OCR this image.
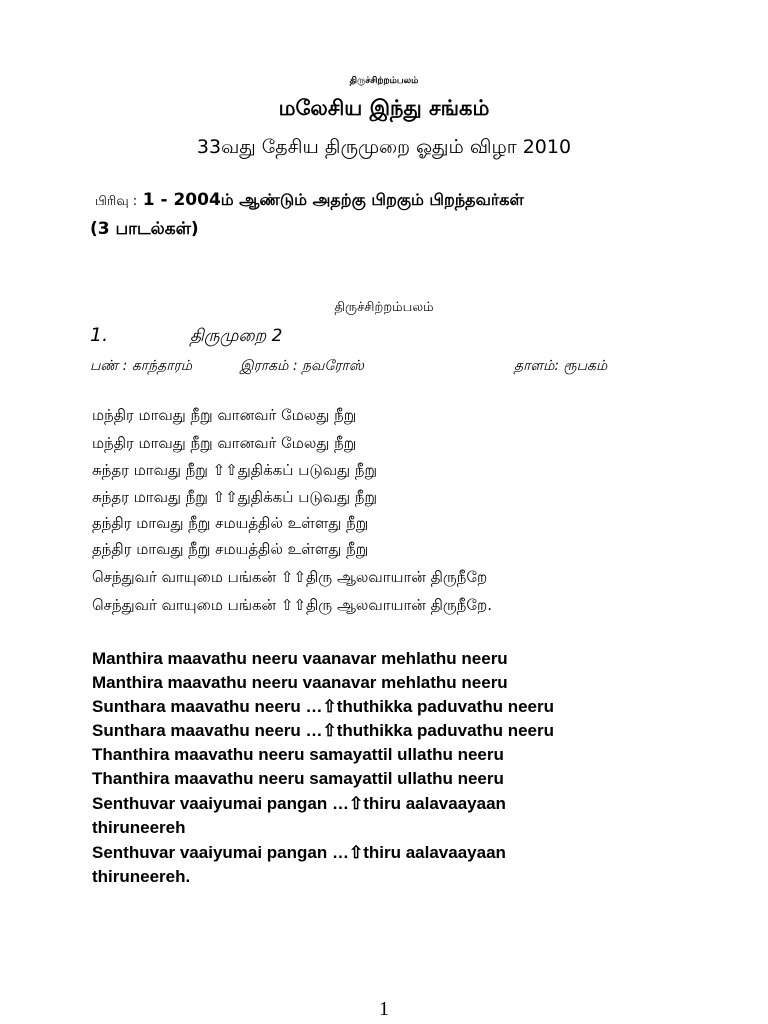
திருச்சிற்றம்பலம்
மலேசிய இந்து சங்கம்
33வது தேசிய திருமுறை ஓதும் விழா 2010
பிரிவு : 1 - 2004ம் ஆண்டும் அதற்கு பிறகும் பிறந்தவர்கள்
(3 பாடல்கள்)
திருச்சிற்றம்பலம்
1.	திருமுறை 2
பண் : காந்தாரம்	இராகம் : நவரோஸ்	தாளம்: ரூபகம்
மந்திர மாவது நீறு வானவர் மேலது நீறு
மந்திர மாவது நீறு வானவர் மேலது நீறு
சுந்தர மாவது நீறு ⇧⇧துதிக்கப் படுவது நீறு
சுந்தர மாவது நீறு ⇧⇧துதிக்கப் படுவது நீறு
தந்திர மாவது நீறு சமயத்தில் உள்ளது நீறு
தந்திர மாவது நீறு சமயத்தில் உள்ளது நீறு
செந்துவர் வாயுமை பங்கன் ⇧⇧திரு ஆலவாயான் திருநீறே
செந்துவர் வாயுமை பங்கன் ⇧⇧திரு ஆலவாயான் திருநீறே.
Manthira maavathu neeru vaanavar mehlathu neeru
Manthira maavathu neeru vaanavar mehlathu neeru
Sunthara maavathu neeru …⇧thuthikka paduvathu neeru
Sunthara maavathu neeru …⇧thuthikka paduvathu neeru
Thanthira maavathu neeru samayattil ullathu neeru
Thanthira maavathu neeru samayattil ullathu neeru
Senthuvar vaaiyumai pangan …⇧thiru aalavaayaan
thiruneereh
Senthuvar vaaiyumai pangan …⇧thiru aalavaayaan
thiruneereh.
1
